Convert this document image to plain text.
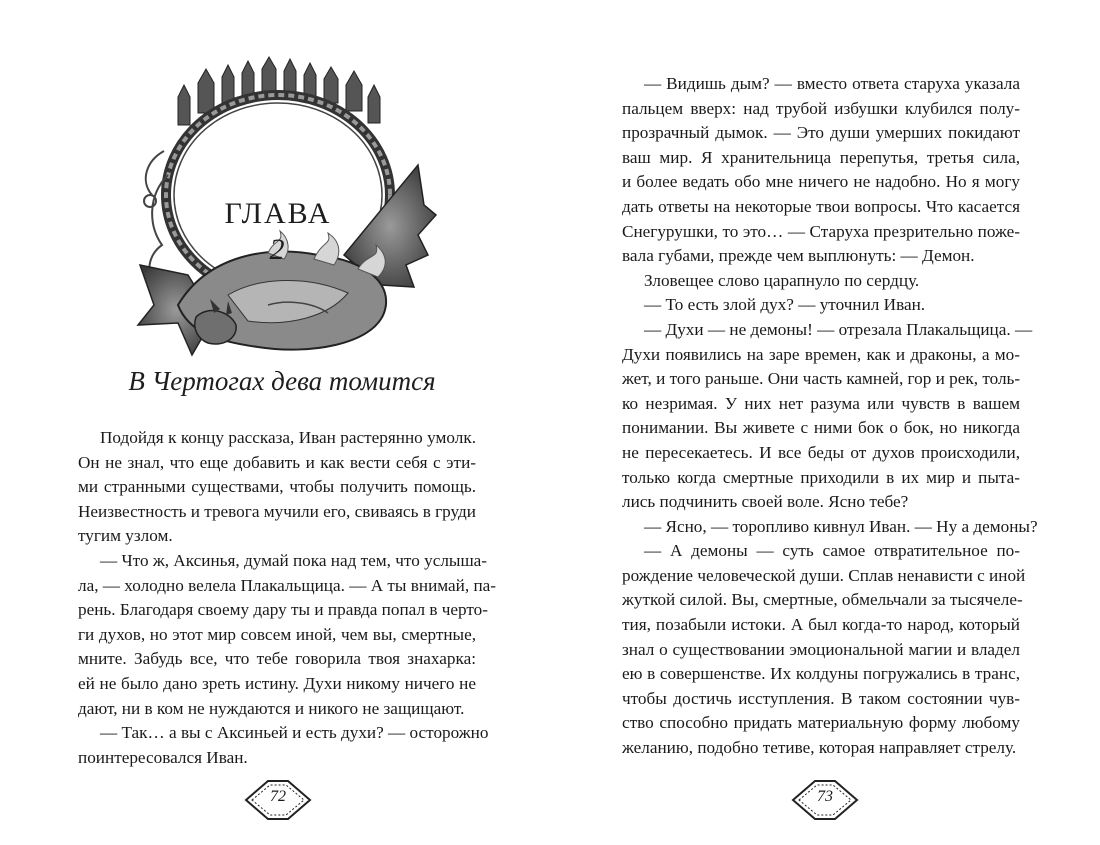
ГЛАВА
2
В Чертогах дева томится
Подойдя к концу рассказа, Иван растерянно умолк.
Он не знал, что еще добавить и как вести себя с эти-
ми странными существами, чтобы получить помощь.
Неизвестность и тревога мучили его, свиваясь в груди
тугим узлом.
— Что ж, Аксинья, думай пока над тем, что услыша-
ла, — холодно велела Плакальщица. — А ты внимай, па-
рень. Благодаря своему дару ты и правда попал в черто-
ги духов, но этот мир совсем иной, чем вы, смертные,
мните. Забудь все, что тебе говорила твоя знахарка:
ей не было дано зреть истину. Духи никому ничего не
дают, ни в ком не нуждаются и никого не защищают.
— Так… а вы с Аксиньей и есть духи? — осторожно
поинтересовался Иван.
72
— Видишь дым? — вместо ответа старуха указала
пальцем вверх: над трубой избушки клубился полу-
прозрачный дымок. — Это души умерших покидают
ваш мир. Я хранительница перепутья, третья сила,
и более ведать обо мне ничего не надобно. Но я могу
дать ответы на некоторые твои вопросы. Что касается
Снегурушки, то это… — Старуха презрительно поже-
вала губами, прежде чем выплюнуть: — Демон.
Зловещее слово царапнуло по сердцу.
— То есть злой дух? — уточнил Иван.
— Духи — не демоны! — отрезала Плакальщица. —
Духи появились на заре времен, как и драконы, а мо-
жет, и того раньше. Они часть камней, гор и рек, толь-
ко незримая. У них нет разума или чувств в вашем
понимании. Вы живете с ними бок о бок, но никогда
не пересекаетесь. И все беды от духов происходили,
только когда смертные приходили в их мир и пыта-
лись подчинить своей воле. Ясно тебе?
— Ясно, — торопливо кивнул Иван. — Ну а демоны?
— А демоны — суть самое отвратительное по-
рождение человеческой души. Сплав ненависти с иной
жуткой силой. Вы, смертные, обмельчали за тысячеле-
тия, позабыли истоки. А был когда-то народ, который
знал о существовании эмоциональной магии и владел
ею в совершенстве. Их колдуны погружались в транс,
чтобы достичь исступления. В таком состоянии чув-
ство способно придать материальную форму любому
желанию, подобно тетиве, которая направляет стрелу.
73
